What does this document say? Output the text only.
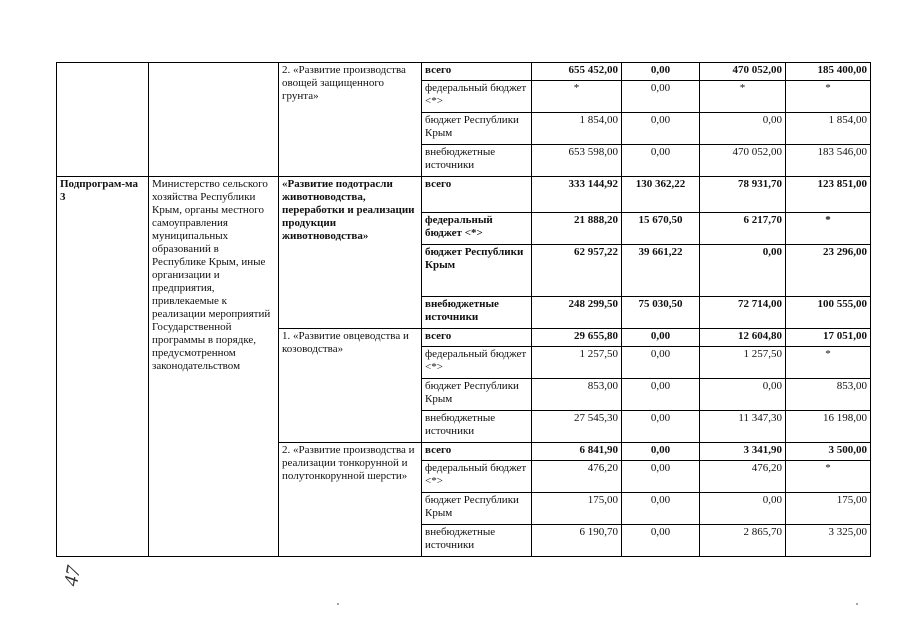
		2. «Развитие производства овощей защищенного грунта»	всего	655 452,00	0,00	470 052,00	185 400,00
			федеральный бюджет <*>	*	0,00	*	*
			бюджет Республики Крым	1 854,00	0,00	0,00	1 854,00
			внебюджетные источники	653 598,00	0,00	470 052,00	183 546,00
Подпрограм-ма 3	Министерство сельского хозяйства Республики Крым, органы местного самоуправления муниципальных образований в Республике Крым, иные организации и предприятия, привлекаемые к реализации мероприятий Государственной программы в порядке, предусмотренном законодательством	«Развитие подотрасли животноводства, переработки и реализации продукции животноводства»	всего	333 144,92	130 362,22	78 931,70	123 851,00
			федеральный бюджет <*>	21 888,20	15 670,50	6 217,70	*
			бюджет Республики Крым	62 957,22	39 661,22	0,00	23 296,00
			внебюджетные источники	248 299,50	75 030,50	72 714,00	100 555,00
		1. «Развитие овцеводства и козоводства»	всего	29 655,80	0,00	12 604,80	17 051,00
			федеральный бюджет <*>	1 257,50	0,00	1 257,50	*
			бюджет Республики Крым	853,00	0,00	0,00	853,00
			внебюджетные источники	27 545,30	0,00	11 347,30	16 198,00
		2. «Развитие производства и реализации тонкорунной и полутонкорунной шерсти»	всего	6 841,90	0,00	3 341,90	3 500,00
			федеральный бюджет <*>	476,20	0,00	476,20	*
			бюджет Республики Крым	175,00	0,00	0,00	175,00
			внебюджетные источники	6 190,70	0,00	2 865,70	3 325,00
47
